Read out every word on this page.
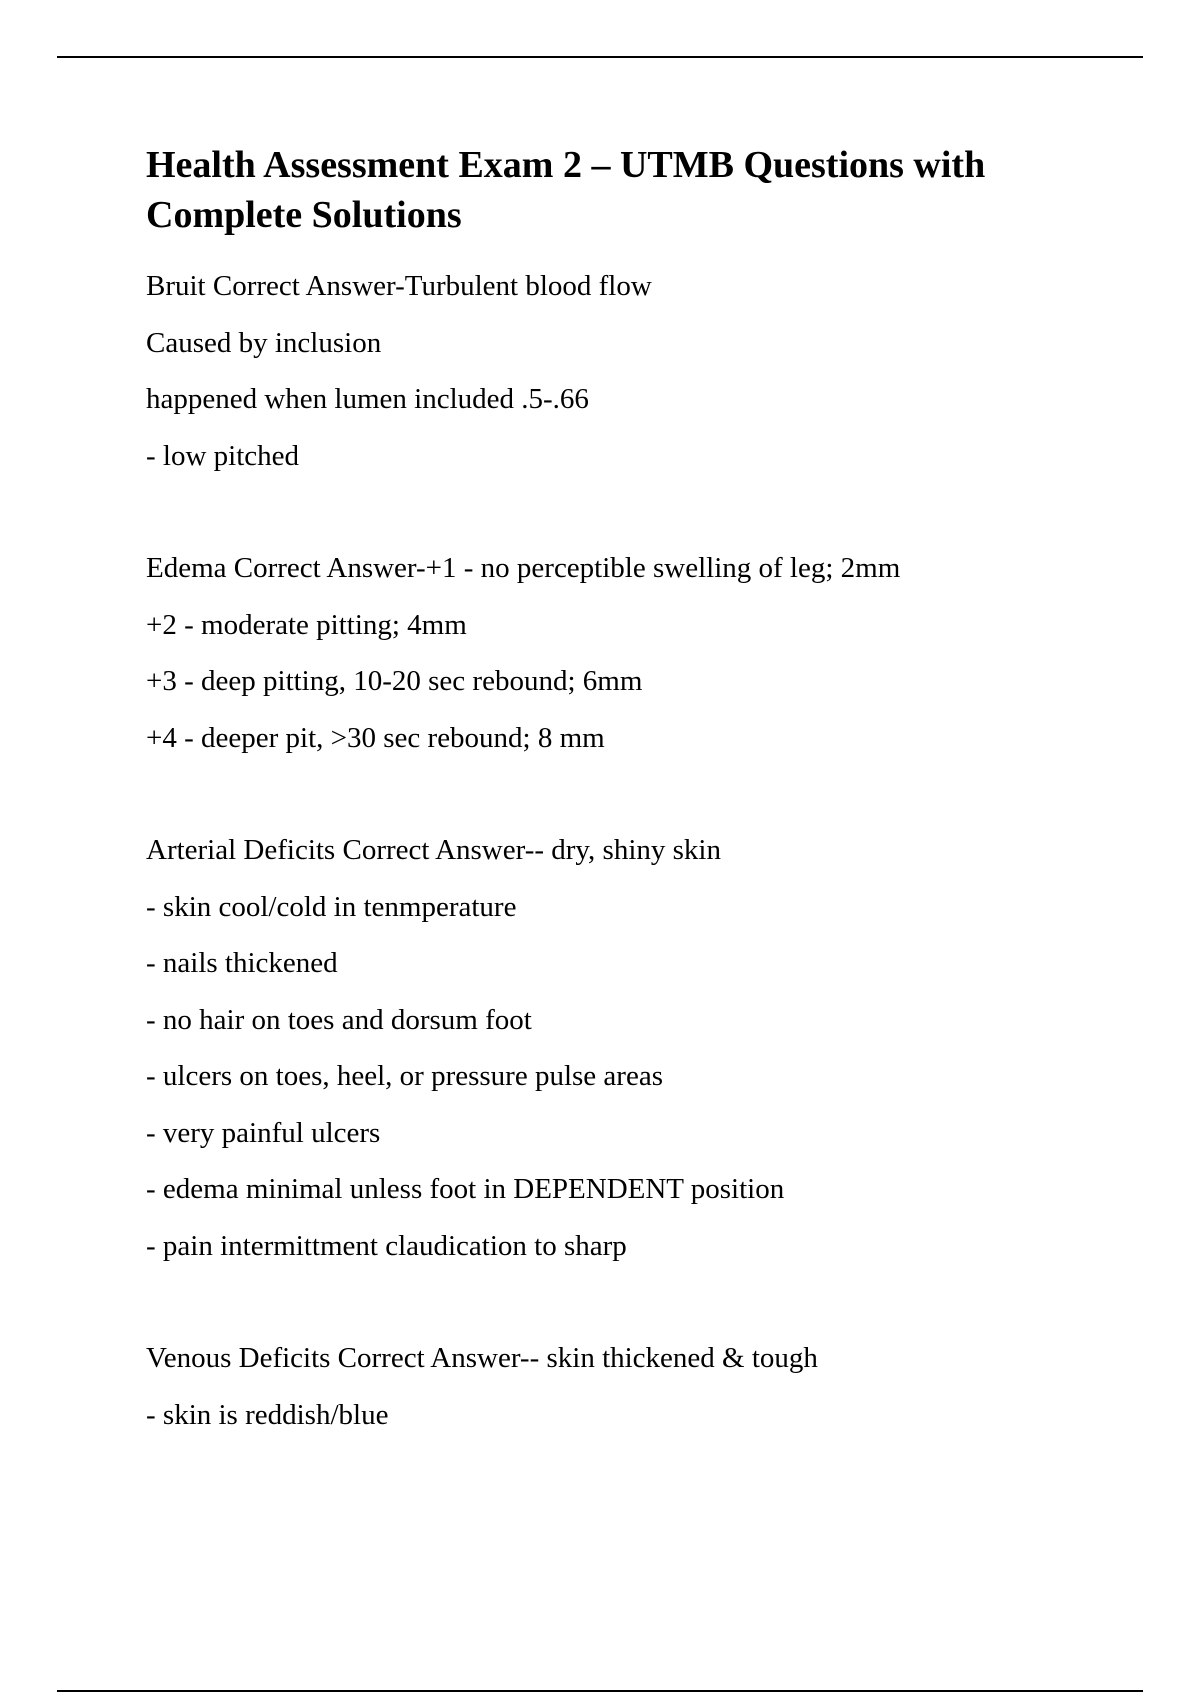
Health Assessment Exam 2 – UTMB Questions with Complete Solutions
Bruit Correct Answer-Turbulent blood flow
Caused by inclusion
happened when lumen included .5-.66
- low pitched
Edema Correct Answer-+1 - no perceptible swelling of leg; 2mm
+2 - moderate pitting; 4mm
+3 - deep pitting, 10-20 sec rebound; 6mm
+4 - deeper pit, >30 sec rebound; 8 mm
Arterial Deficits Correct Answer-- dry, shiny skin
- skin cool/cold in tenmperature
- nails thickened
- no hair on toes and dorsum foot
- ulcers on toes, heel, or pressure pulse areas
- very painful ulcers
- edema minimal unless foot in DEPENDENT position
- pain intermittment claudication to sharp
Venous Deficits Correct Answer-- skin thickened & tough
- skin is reddish/blue
